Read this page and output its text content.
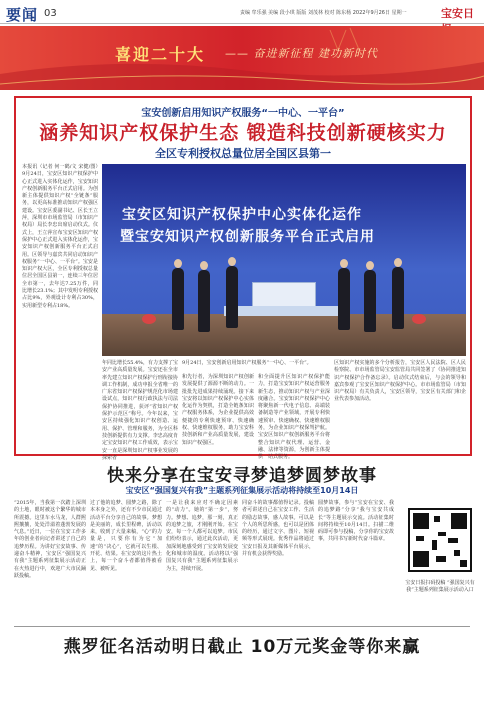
要闻 03	责编 牟乐强 美编 段小琪 版版 刘茂林 校对 陈东杨 2022年9月26日 星期一	宝安日
喜迎二十大 —— 奋进新征程 建功新时代
宝安创新启用知识产权服务“一中心、一平台”
涵养知识产权保护生态 锻造科技创新硬核实力
全区专利授权总量位居全国区县第一
本报讯（记者 何一鹤/文 宋健/图）9月24日，宝安区知识产权保护中心正式进入实体化运作，宝安知识产权创新服务平台正式启用。为创新主体提供知识产权“全链条”服务，以更高标准推动知识产权强区建设。宝安区委副书记、区长王立萍，深圳市市场监管局（市知识产权局）局长李忠出席启动仪式。仪式上，王立萍宣布宝安区知识产权保护中心正式进入实体化运作，宝安知识产权创新服务平台正式启用。区领导与嘉宾共同启动知识产权服务“一中心、一平台”。宝安是知识产权大区，全区专利授权总量位居全国区县第一，连续三年位居全市第一，去年达7.25万件，同比增长23.1%；其中发明专利授权占比9%，外观设计专利占30%，实用新型专利占18%。
宝安区知识产权保护中心实体化运作
暨宝安知识产权创新服务平台正式启用
年同比增长55.4%，有力支撑了宝安产业高质量发展。宝安还在全市率先建立知识产权保护行刑衔接协调工作机制，成功申报全省唯一的广东省知识产权保护规范化市场建设试点，知识产权行政执法与司法保护协同推进，获评“省知识产权保护示范区”称号。今年以来，宝安区持续强化知识产权创造、运用、保护、管理和服务，为全区科技创新提供有力支撑。李忠高度肯定宝安知识产权工作成效，表示宝安一直是深圳知识产权事业发展的探索者
和先行者，为深圳知识产权创新发展提供了源源不断的动力。一批批先进成果持续涌现。接下来宝安将以知识产权保护中心实体化运作为契机，打造全链条知识产权服务体系，为企业提供高效便捷的专利快速预审、快速确权、快速维权服务，助力宝安科技创新和产业高质量发展，建设知识产权强区。
和全面提升区知识产权保护能力，打造宝安知识产权运营服务新生态，推动知识产权与产业深度融合。宝安知识产权保护中心将聚焦新一代电子信息、高端装备制造等产业领域，开展专利快速预审、快速确权、快速维权服务，为企业知识产权保驾护航。宝安区知识产权创新服务平台将整合知识产权代理、运营、金融、法律等资源，为创新主体提供一站式服务。
区知识产权实施的多个分析报告，宝安区人民法院、区人民检察院、市市场监管局宝安监管局共同签署了《协同推进知识产权保护合作备忘录》。启动仪式结束后，与会的领导和嘉宾参观了宝安区知识产权保护中心。市市场监管局（市知识产权局）有关负责人，宝安区领导，宝安区有关部门和企业代表参加活动。
9月24日，宝安创新启用知识产权服务“一中心、一平台”。
快来分享在宝安寻梦追梦圆梦故事
宝安区“强国复兴有我”主题系列征集展示活动将持续至10月14日
“2015年，当我第一次踏上深圳的土地，眼时被这个繁华的城市所震撼。这里车水马龙，人群熙熙攘攘，处处洋溢着蓬勃发展的气息。”近日，一位在宝安工作多年的创业者向记者讲述了自己的追梦历程。为讲好宝安故事、传递奋斗精神，宝安区“强国复兴有我”主题系列征集展示活动正在火热进行中，欢迎广大市民踊跃投稿。
过了他的追梦、圆梦之路，除了本本身之外，还有不少市民通过活动平台分享自己的故事。梦想是美丽的，成长里程碑，活动以来，收到了大量来稿，“心”的力量是，只要你有为它“加速”的“决心”，它就可以生根、开花、结果。在宝安的这片热土上，每一个奋斗者都值得被看见、被听见。
一是让我来应对不确定因素的“动力”。她的“第一步”，努力。梦想、追梦，那一刻，真正的追梦之旅，才刚刚开始。在宝安，每一个人都可以追梦。市民们纷纷表示，通过此次活动，更加深刻地感受到了宝安的发展变化和城市的温度。活动将以“强国复兴有我”主题系列征集展示为主，持续开展。
同奋斗的故事都值得记录。投稿者可讲述自己在宝安工作、生活的励志故事，感人故事。可以是个人的所思所感，也可以是团体的经历，通过文字、图片、短视频等形式展现。优秀作品将通过宝安日报及其新媒体平台展示，并有机会获得奖励。
圆梦故事，参与“宝安在宝安、我的追梦路”分享“我与宝安共成长”等主题展示交流。活动征集时间将持续至10月14日。扫描二维码即可参与投稿，分享你的宝安故事，共同书写新时代奋斗篇章。
宝安日报扫码投稿 “强国复兴有我”主题系列征集展示活动入口
燕罗征名活动明日截止 10万元奖金等你来赢
